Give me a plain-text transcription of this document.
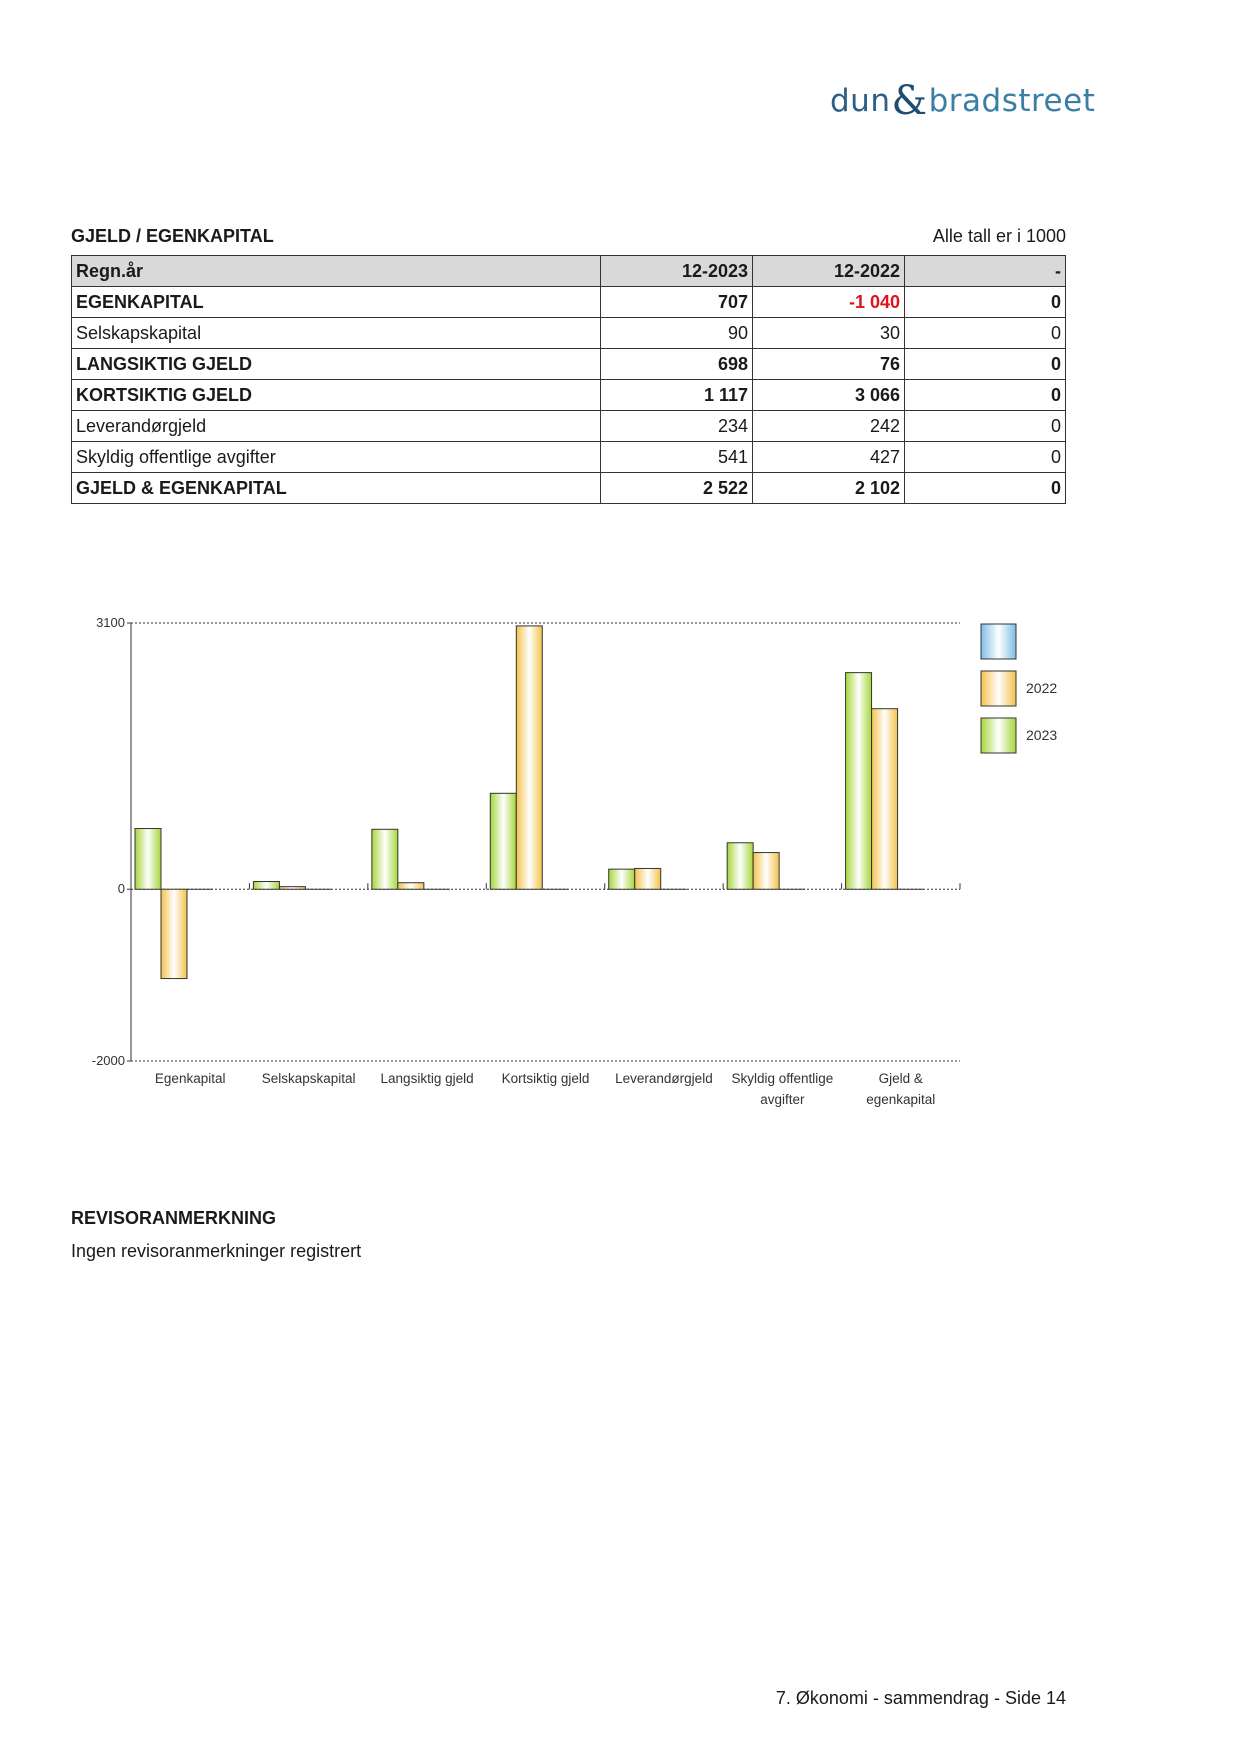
dun & bradstreet
GJELD / EGENKAPITAL	Alle tall er i 1000
Regn.år	12-2023	12-2022	-
EGENKAPITAL	707	-1 040	0
Selskapskapital	90	30	0
LANGSIKTIG GJELD	698	76	0
KORTSIKTIG GJELD	1 117	3 066	0
Leverandørgjeld	234	242	0
Skyldig offentlige avgifter	541	427	0
GJELD & EGENKAPITAL	2 522	2 102	0
3100
0
-2000
Egenkapital	Selskapskapital Langsiktig gjeld Kortsiktig gjeld Leverandørgjeld Skyldig offentlige
avgifter
Gjeld &
egenkapital
2022
2023
REVISORANMERKNING
Ingen revisoranmerkninger registrert
7. Økonomi - sammendrag - Side 14
